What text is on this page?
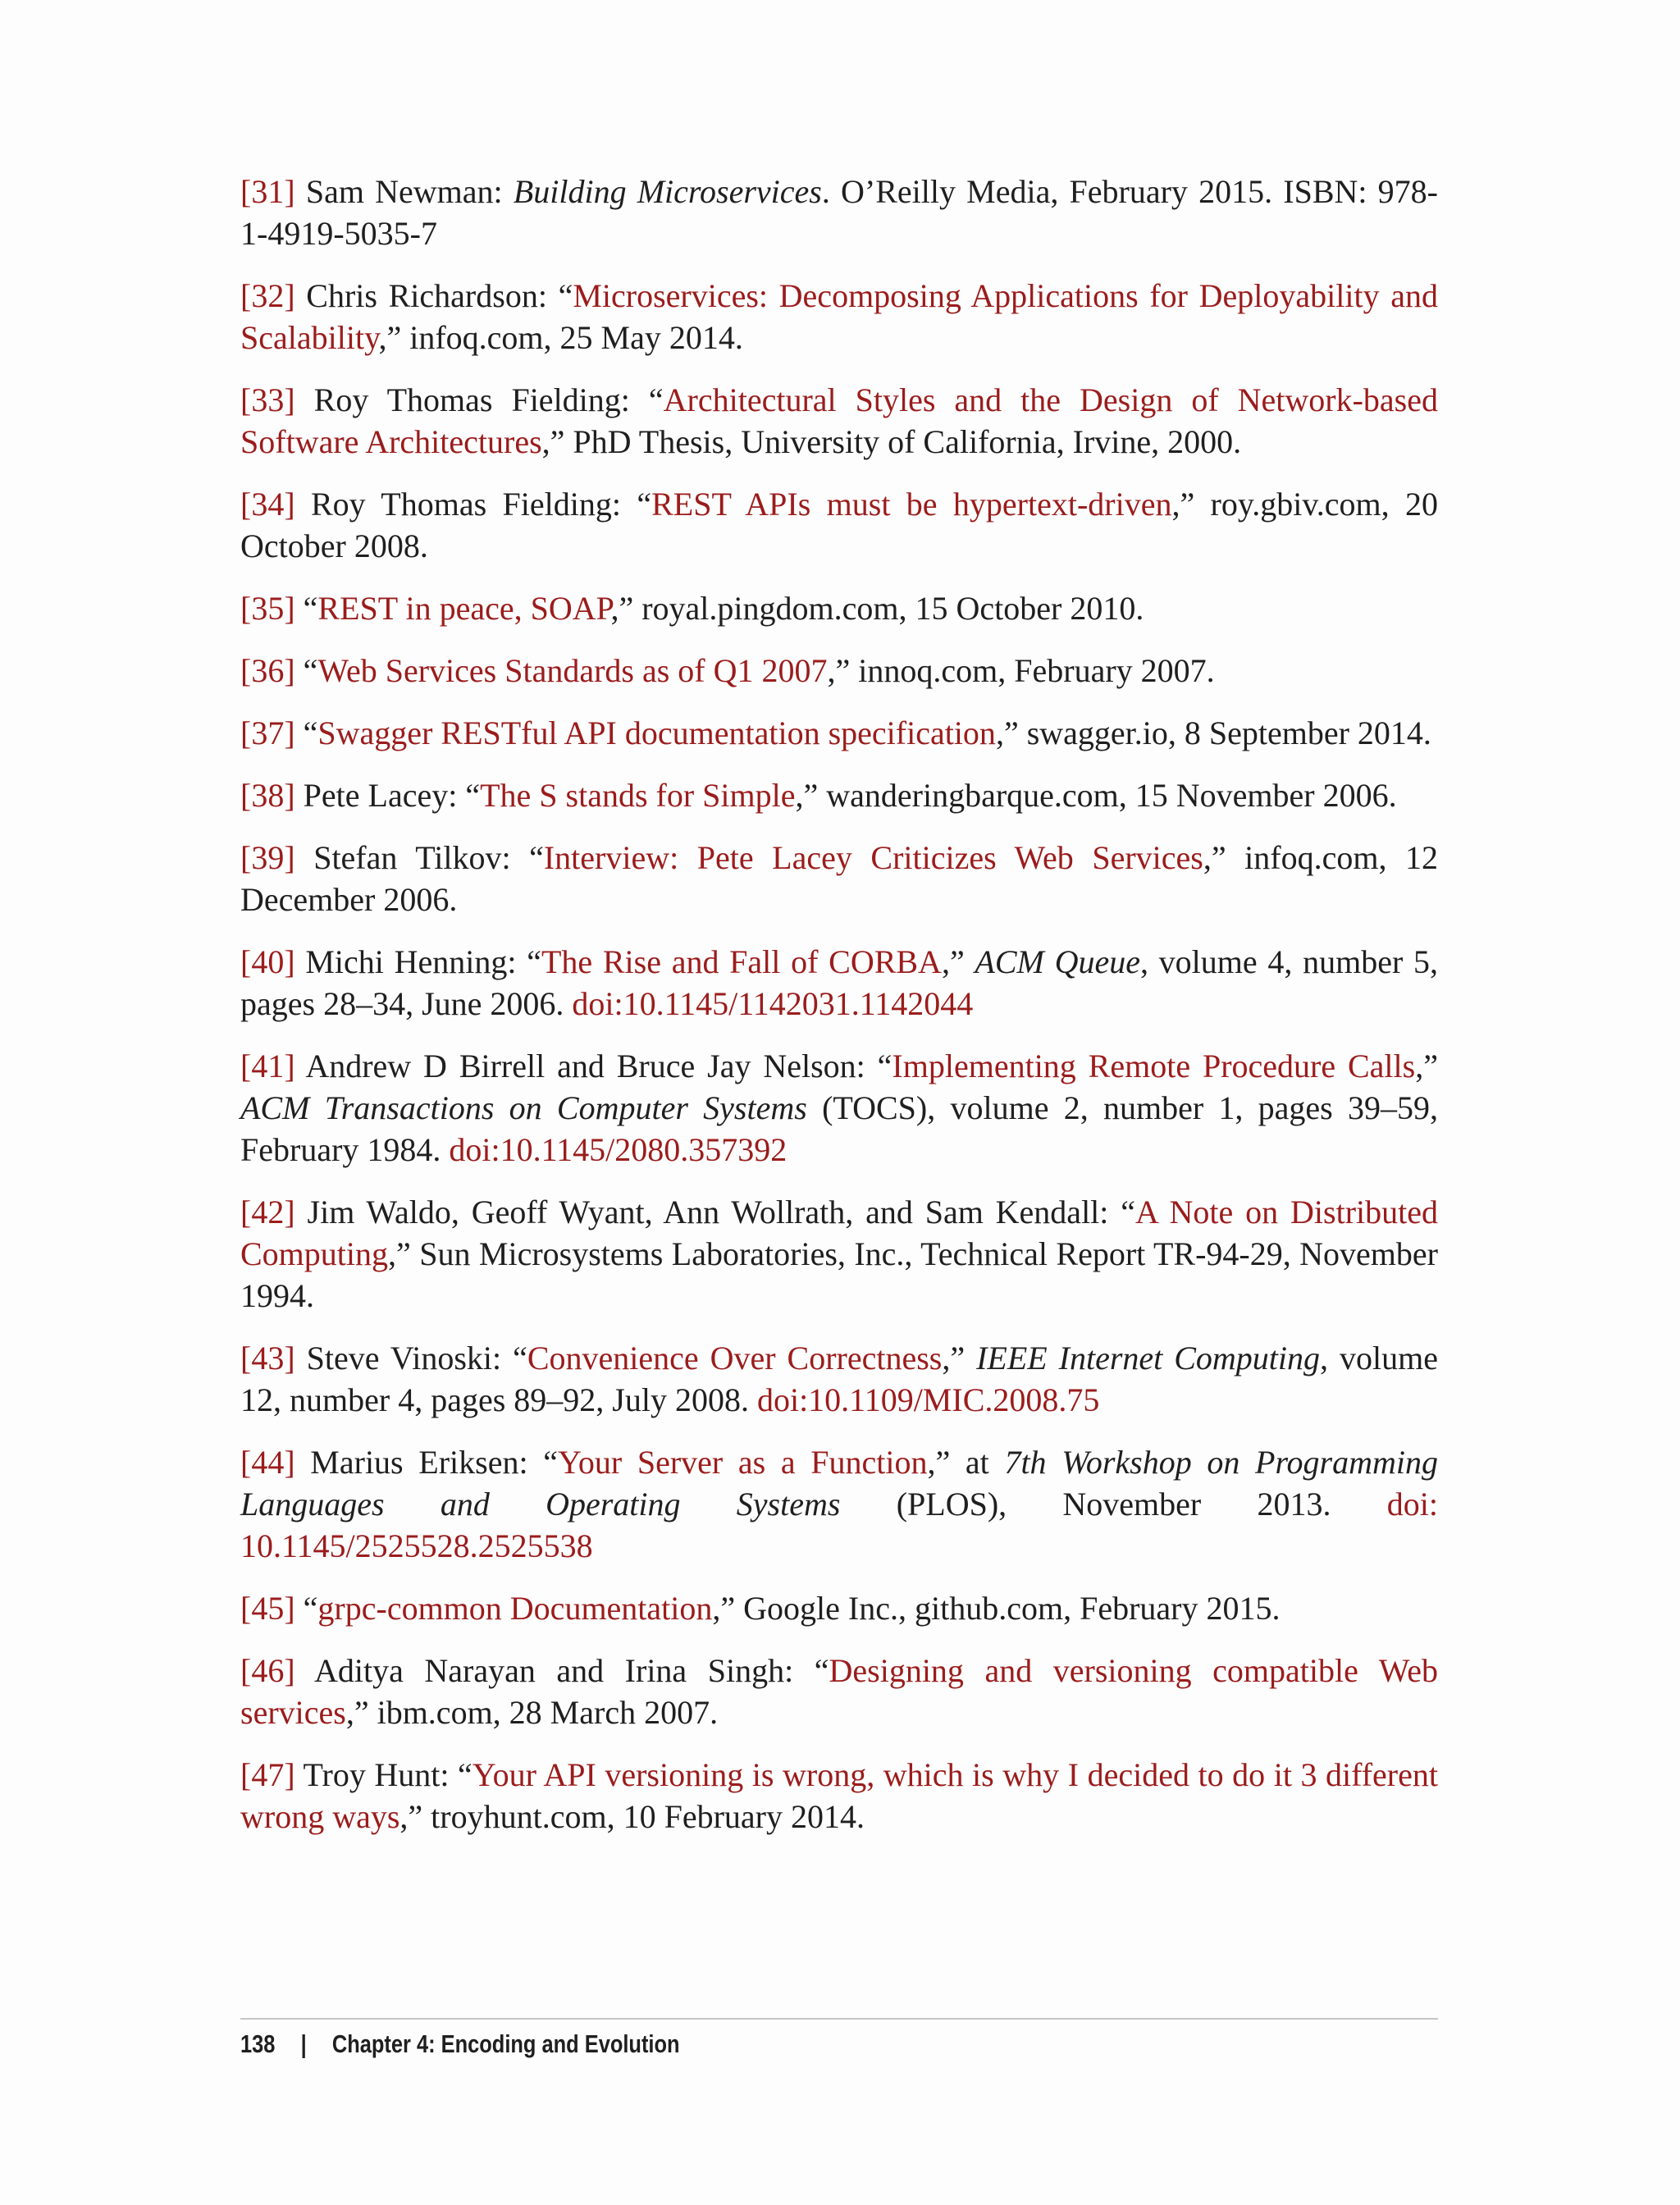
[31] Sam Newman: Building Microservices. O’Reilly Media, February 2015. ISBN: 978-1-4919-5035-7

[32] Chris Richardson: “Microservices: Decomposing Applications for Deployability and Scalability,” infoq.com, 25 May 2014.

[33] Roy Thomas Fielding: “Architectural Styles and the Design of Network-based Software Architectures,” PhD Thesis, University of California, Irvine, 2000.

[34] Roy Thomas Fielding: “REST APIs must be hypertext-driven,” roy.gbiv.com, 20 October 2008.

[35] “REST in peace, SOAP,” royal.pingdom.com, 15 October 2010.

[36] “Web Services Standards as of Q1 2007,” innoq.com, February 2007.

[37] “Swagger RESTful API documentation specification,” swagger.io, 8 September 2014.

[38] Pete Lacey: “The S stands for Simple,” wanderingbarque.com, 15 November 2006.

[39] Stefan Tilkov: “Interview: Pete Lacey Criticizes Web Services,” infoq.com, 12 December 2006.

[40] Michi Henning: “The Rise and Fall of CORBA,” ACM Queue, volume 4, number 5, pages 28–34, June 2006. doi:10.1145/1142031.1142044

[41] Andrew D Birrell and Bruce Jay Nelson: “Implementing Remote Procedure Calls,” ACM Transactions on Computer Systems (TOCS), volume 2, number 1, pages 39–59, February 1984. doi:10.1145/2080.357392

[42] Jim Waldo, Geoff Wyant, Ann Wollrath, and Sam Kendall: “A Note on Distributed Computing,” Sun Microsystems Laboratories, Inc., Technical Report TR-94-29, November 1994.

[43] Steve Vinoski: “Convenience Over Correctness,” IEEE Internet Computing, volume 12, number 4, pages 89–92, July 2008. doi:10.1109/MIC.2008.75

[44] Marius Eriksen: “Your Server as a Function,” at 7th Workshop on Programming Languages and Operating Systems (PLOS), November 2013. doi: 10.1145/2525528.2525538

[45] “grpc-common Documentation,” Google Inc., github.com, February 2015.

[46] Aditya Narayan and Irina Singh: “Designing and versioning compatible Web services,” ibm.com, 28 March 2007.

[47] Troy Hunt: “Your API versioning is wrong, which is why I decided to do it 3 different wrong ways,” troyhunt.com, 10 February 2014.

138 | Chapter 4: Encoding and Evolution
